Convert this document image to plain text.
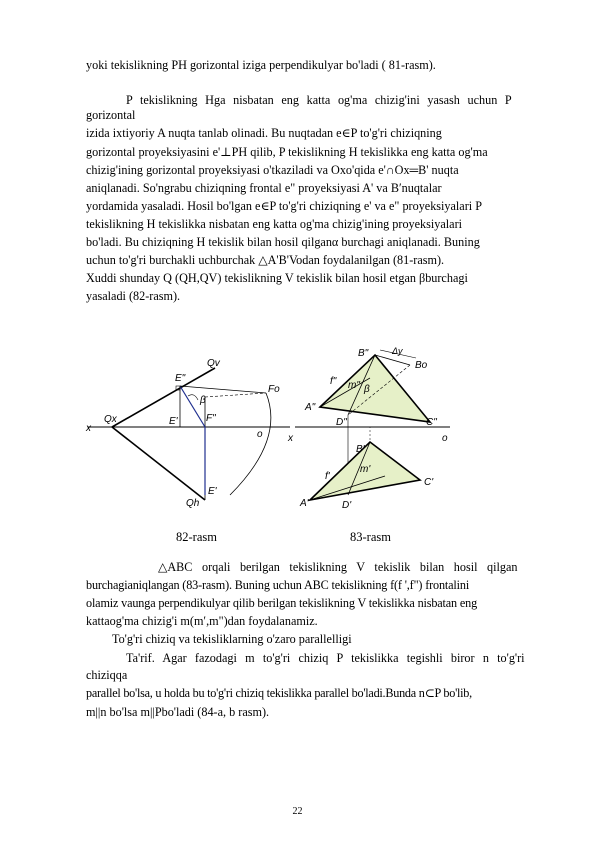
yoki tekislikning PH gorizontal iziga perpendikulyar bo'ladi ( 81-rasm).
P tekislikning Hga nisbatan eng katta og'ma chizig'ini yasash uchun P
gorizontal
izida ixtiyoriy A nuqta tanlab olinadi. Bu nuqtadan e∈P to'g'ri chiziqning
gorizontal proyeksiyasini e'⊥PH qilib, P tekislikning H tekislikka eng katta og'ma
chizig'ining gorizontal proyeksiyasi o'tkaziladi va Oxo'qida e'∩Ox═B' nuqta
aniqlanadi. So'ngrabu chiziqning frontal e" proyeksiyasi A' va B′nuqtalar
yordamida yasaladi. Hosil bo'lgan e∈P to'g'ri chiziqning e' va e" proyeksiyalari P
tekislikning H tekislikka nisbatan eng katta og'ma chizig'ining proyeksiyalari
bo'ladi. Bu chiziqning H tekislik bilan hosil qilganα burchagi aniqlanadi. Buning
uchun to'g'ri burchakli uchburchak △A'B'Vodan foydalanilgan (81-rasm).
Xuddi shunday Q (QH,QV) tekislikning V tekislik bilan hosil etgan βburchagi
yasaladi (82-rasm).
Qv
E"
β
Fo
Qx	E'	F"
x
o
Qh
E'
B"	Δy
Bo
f" m" β
A"
D"	C"
x	o
B'
f'
m'
A'	D'
C'
82-rasm	83-rasm
△ABC orqali berilgan tekislikning V tekislik bilan hosil qilgan
burchagianiqlangan (83-rasm). Buning uchun ABC tekislikning f(f ',f") frontalini
olamiz vaunga perpendikulyar qilib berilgan tekislikning V tekislikka nisbatan eng
kattaog'ma chizig'i m(m′,m")dan foydalanamiz.
To'g'ri chiziq va tekisliklarning o'zaro parallelligi
Ta'rif. Agar fazodagi m to'g'ri chiziq P tekislikka tegishli biror n to'g'ri
chiziqqa
parallel bo'lsa, u holda bu to'g'ri chiziq tekislikka parallel bo'ladi.Bunda n⊂P bo'lib,
m||n bo'lsa m||Pbo'ladi (84-a, b rasm).
22
